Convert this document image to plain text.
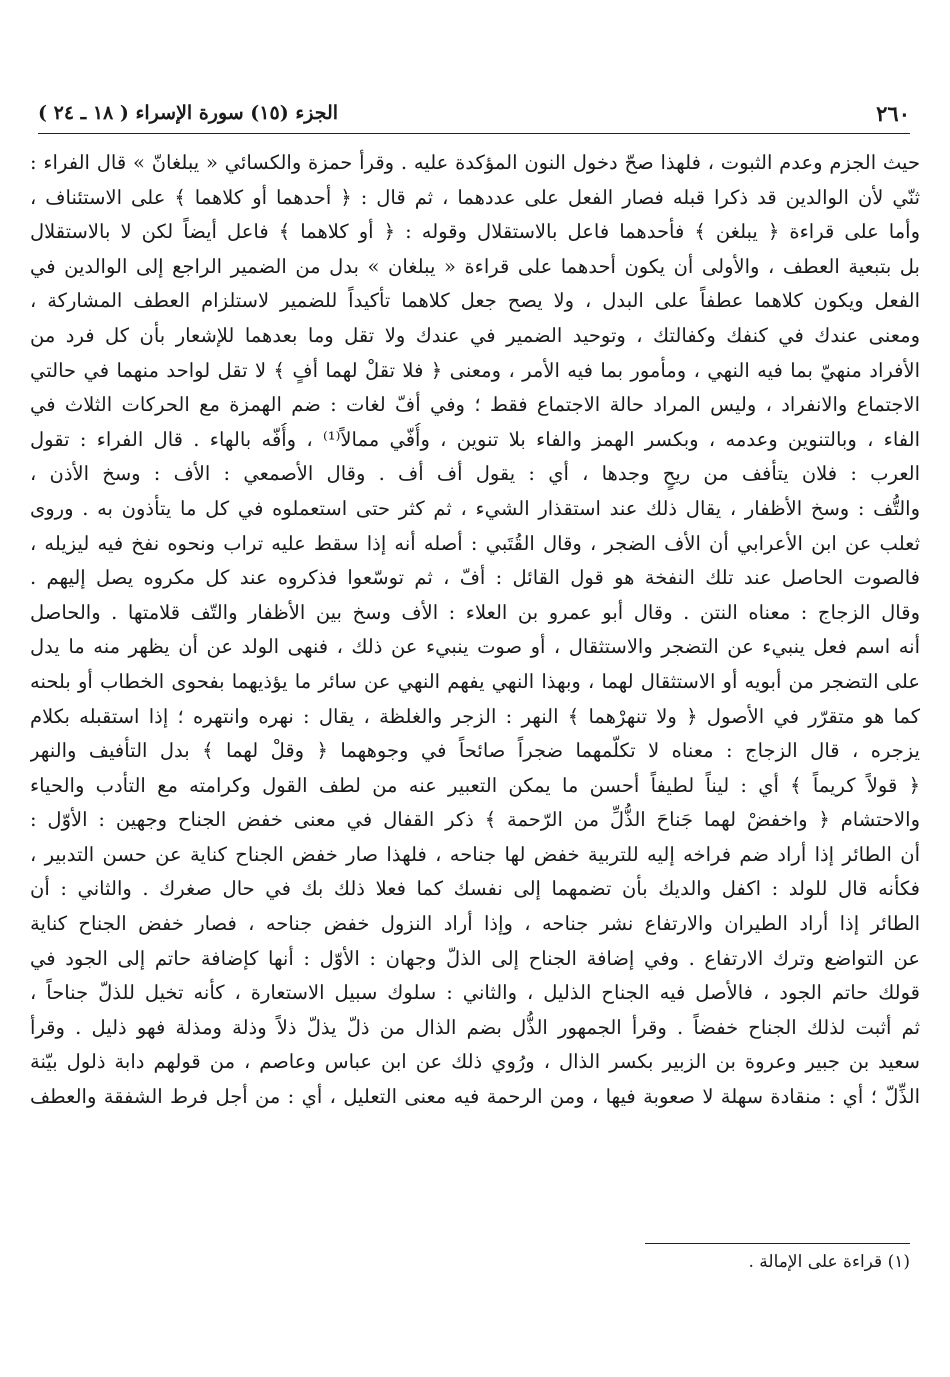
٢٦٠
الجزء (١٥) سورة الإسراء ( ١٨ ـ ٢٤ )
حيث الجزم وعدم الثبوت ، فلهذا صحّ دخول النون المؤكدة عليه . وقرأ حمزة والكسائي « يبلغانّ » قال الفراء :
ثنّي لأن الوالدين قد ذكرا قبله فصار الفعل على عددهما ، ثم قال : ﴿ أحدهما أو كلاهما ﴾ على الاستئناف ،
وأما على قراءة ﴿ يبلغن ﴾ فأحدهما فاعل بالاستقلال وقوله : ﴿ أو كلاهما ﴾ فاعل أيضاً لكن لا بالاستقلال
بل بتبعية العطف ، والأولى أن يكون أحدهما على قراءة « يبلغان » بدل من الضمير الراجع إلى الوالدين في
الفعل ويكون كلاهما عطفاً على البدل ، ولا يصح جعل كلاهما تأكيداً للضمير لاستلزام العطف المشاركة ،
ومعنى عندك في كنفك وكفالتك ، وتوحيد الضمير في عندك ولا تقل وما بعدهما للإشعار بأن كل فرد من
الأفراد منهيّ بما فيه النهي ، ومأمور بما فيه الأمر ، ومعنى ﴿ فلا تقلْ لهما أفٍ ﴾ لا تقل لواحد منهما في حالتي
الاجتماع والانفراد ، وليس المراد حالة الاجتماع فقط ؛ وفي أفّ لغات : ضم الهمزة مع الحركات الثلاث في
الفاء ، وبالتنوين وعدمه ، وبكسر الهمز والفاء بلا تنوين ، وأُفّي ممالاً⁽¹⁾ ، وأُفّه بالهاء . قال الفراء : تقول
العرب : فلان يتأفف من ريحٍ وجدها ، أي : يقول أف أف . وقال الأصمعي : الأف : وسخ الأذن ،
والتُّف : وسخ الأظفار ، يقال ذلك عند استقذار الشيء ، ثم كثر حتى استعملوه في كل ما يتأذون به . وروى
ثعلب عن ابن الأعرابي أن الأف الضجر ، وقال القُتَبي : أصله أنه إذا سقط عليه تراب ونحوه نفخ فيه ليزيله ،
فالصوت الحاصل عند تلك النفخة هو قول القائل : أفّ ، ثم توسّعوا فذكروه عند كل مكروه يصل إليهم .
وقال الزجاج : معناه النتن . وقال أبو عمرو بن العلاء : الأف وسخ بين الأظفار والتّف قلامتها . والحاصل
أنه اسم فعل ينبيء عن التضجر والاستثقال ، أو صوت ينبيء عن ذلك ، فنهى الولد عن أن يظهر منه ما يدل
على التضجر من أبويه أو الاستثقال لهما ، وبهذا النهي يفهم النهي عن سائر ما يؤذيهما بفحوى الخطاب أو بلحنه
كما هو متقرّر في الأصول ﴿ ولا تنهرْهما ﴾ النهر : الزجر والغلظة ، يقال : نهره وانتهره ؛ إذا استقبله بكلام
يزجره ، قال الزجاج : معناه لا تكلّمهما ضجراً صائحاً في وجوههما ﴿ وقلْ لهما ﴾ بدل التأفيف والنهر
﴿ قولاً كريماً ﴾ أي : ليناً لطيفاً أحسن ما يمكن التعبير عنه من لطف القول وكرامته مع التأدب والحياء
والاحتشام ﴿ واخفضْ لهما جَناحَ الذُّلِّ من الرّحمة ﴾ ذكر القفال في معنى خفض الجناح وجهين : الأوّل :
أن الطائر إذا أراد ضم فراخه إليه للتربية خفض لها جناحه ، فلهذا صار خفض الجناح كناية عن حسن التدبير ،
فكأنه قال للولد : اكفل والديك بأن تضمهما إلى نفسك كما فعلا ذلك بك في حال صغرك . والثاني : أن
الطائر إذا أراد الطيران والارتفاع نشر جناحه ، وإذا أراد النزول خفض جناحه ، فصار خفض الجناح كناية
عن التواضع وترك الارتفاع . وفي إضافة الجناح إلى الذلّ وجهان : الأوّل : أنها كإضافة حاتم إلى الجود في
قولك حاتم الجود ، فالأصل فيه الجناح الذليل ، والثاني : سلوك سبيل الاستعارة ، كأنه تخيل للذلّ جناحاً ،
ثم أثبت لذلك الجناح خفضاً . وقرأ الجمهور الذُّل بضم الذال من ذلّ يذلّ ذلاً وذلة ومذلة فهو ذليل . وقرأ
سعيد بن جبير وعروة بن الزبير بكسر الذال ، ورُوي ذلك عن ابن عباس وعاصم ، من قولهم دابة ذلول بيّنة
الذِّلّ ؛ أي : منقادة سهلة لا صعوبة فيها ، ومن الرحمة فيه معنى التعليل ، أي : من أجل فرط الشفقة والعطف
(١) قراءة على الإمالة .
